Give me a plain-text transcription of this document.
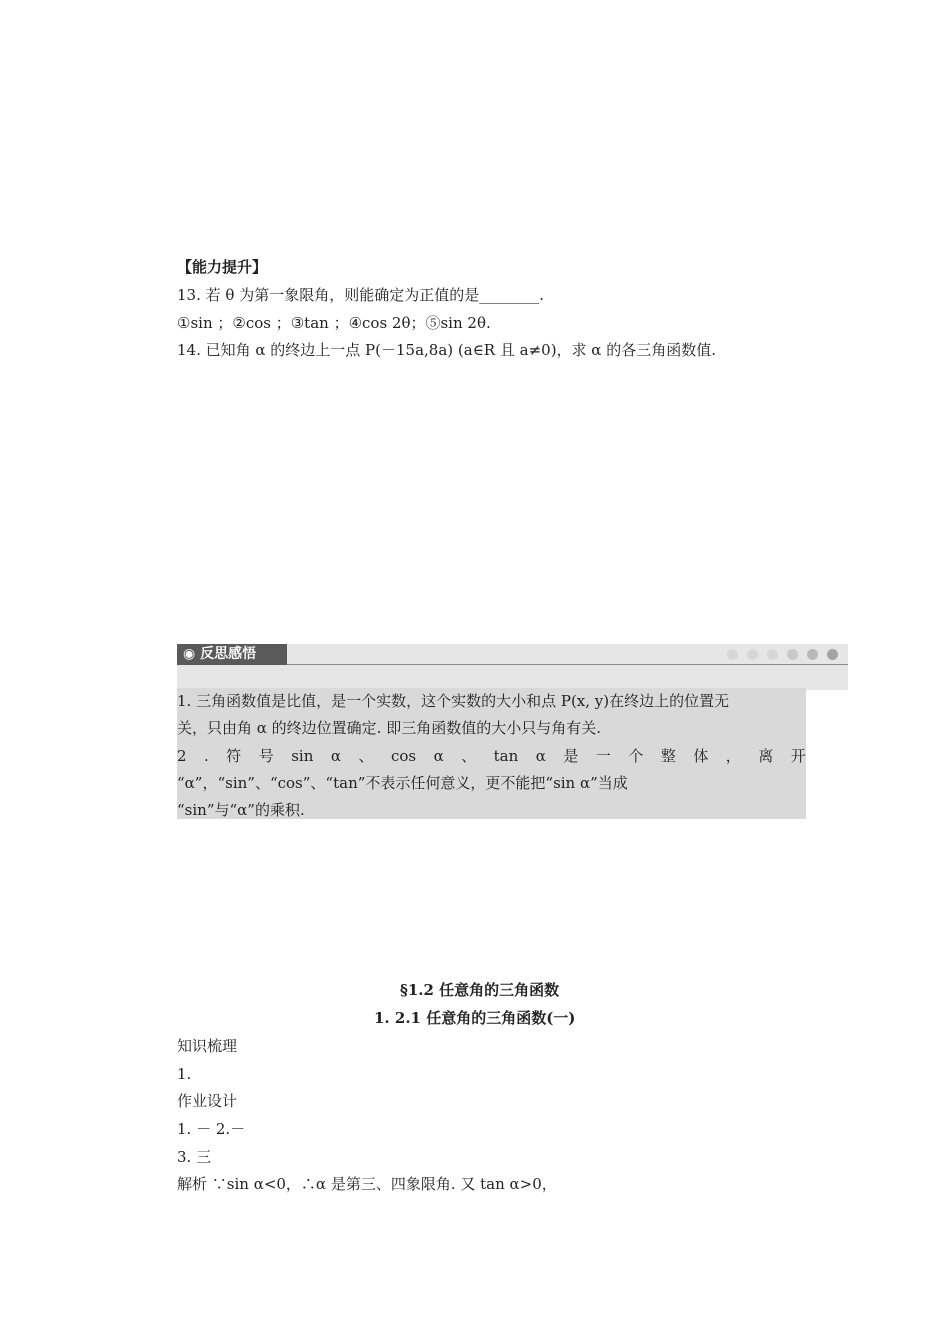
【能力提升】
13. 若 θ 为第一象限角，则能确定为正值的是________.
①sin ；②cos ；③tan ；④cos 2θ；⑤sin 2θ.
14. 已知角 α 的终边上一点 P(－15a,8a) (a∈R 且 a≠0)，求 α 的各三角函数值.
◉ 反思感悟
1. 三角函数值是比值，是一个实数，这个实数的大小和点 P(x, y)在终边上的位置无
关，只由角 α 的终边位置确定. 即三角函数值的大小只与角有关.
2 . 符 号 sin α 、 cos α 、 tan α 是 一 个 整 体 ， 离 开
“α”，“sin”、“cos”、“tan”不表示任何意义，更不能把“sin α”当成
“sin”与“α”的乘积.
§1.2 任意角的三角函数
1. 2.1 任意角的三角函数(一)
知识梳理
1.
作业设计
1. － 2.－
3. 三
解析 ∵sin α<0，∴α 是第三、四象限角. 又 tan α>0，
